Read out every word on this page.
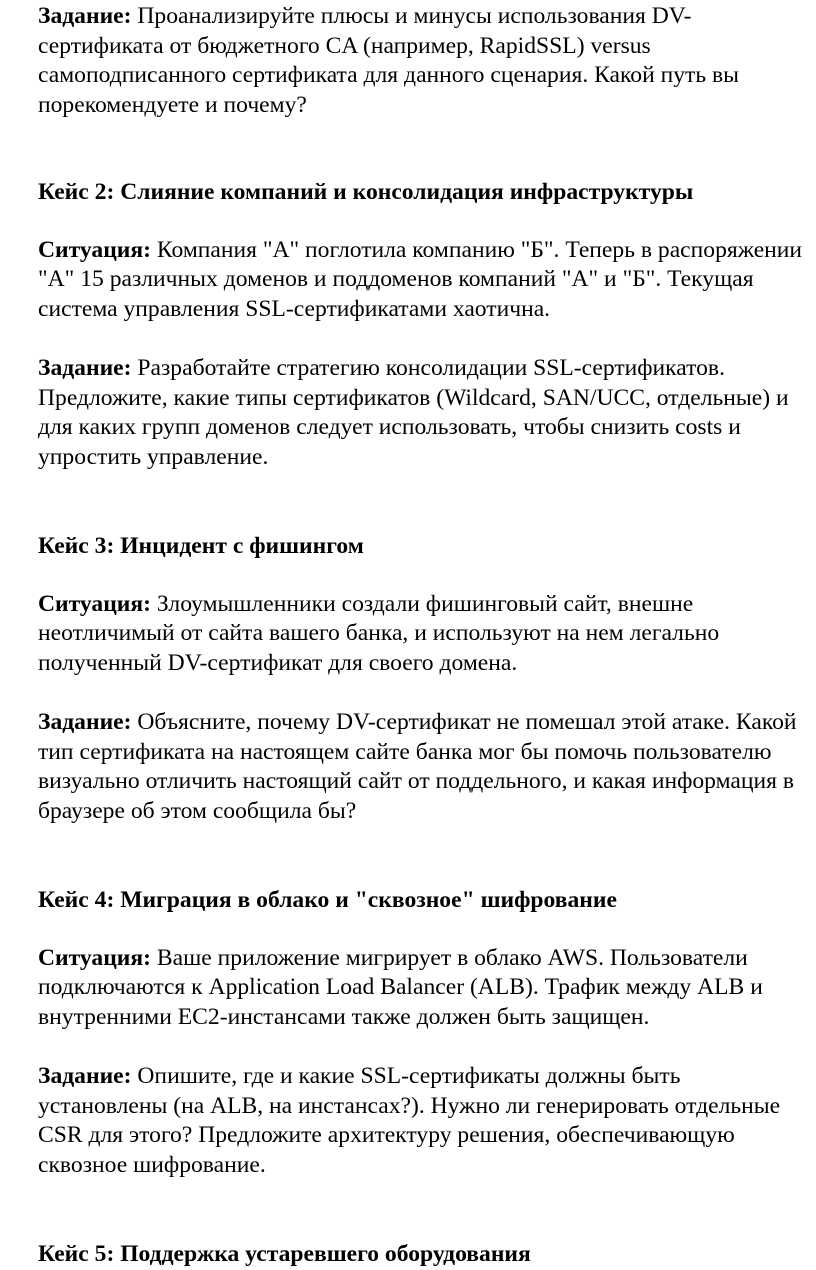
Задание: Проанализируйте плюсы и минусы использования DV-сертификата от бюджетного CA (например, RapidSSL) versus самоподписанного сертификата для данного сценария. Какой путь вы порекомендуете и почему?

Кейс 2: Слияние компаний и консолидация инфраструктуры

Ситуация: Компания "А" поглотила компанию "Б". Теперь в распоряжении "А" 15 различных доменов и поддоменов компаний "А" и "Б". Текущая система управления SSL-сертификатами хаотична.

Задание: Разработайте стратегию консолидации SSL-сертификатов. Предложите, какие типы сертификатов (Wildcard, SAN/UCC, отдельные) и для каких групп доменов следует использовать, чтобы снизить costs и упростить управление.

Кейс 3: Инцидент с фишингом

Ситуация: Злоумышленники создали фишинговый сайт, внешне неотличимый от сайта вашего банка, и используют на нем легально полученный DV-сертификат для своего домена.

Задание: Объясните, почему DV-сертификат не помешал этой атаке. Какой тип сертификата на настоящем сайте банка мог бы помочь пользователю визуально отличить настоящий сайт от поддельного, и какая информация в браузере об этом сообщила бы?

Кейс 4: Миграция в облако и "сквозное" шифрование

Ситуация: Ваше приложение мигрирует в облако AWS. Пользователи подключаются к Application Load Balancer (ALB). Трафик между ALB и внутренними EC2-инстансами также должен быть защищен.

Задание: Опишите, где и какие SSL-сертификаты должны быть установлены (на ALB, на инстансах?). Нужно ли генерировать отдельные CSR для этого? Предложите архитектуру решения, обеспечивающую сквозное шифрование.

Кейс 5: Поддержка устаревшего оборудования
